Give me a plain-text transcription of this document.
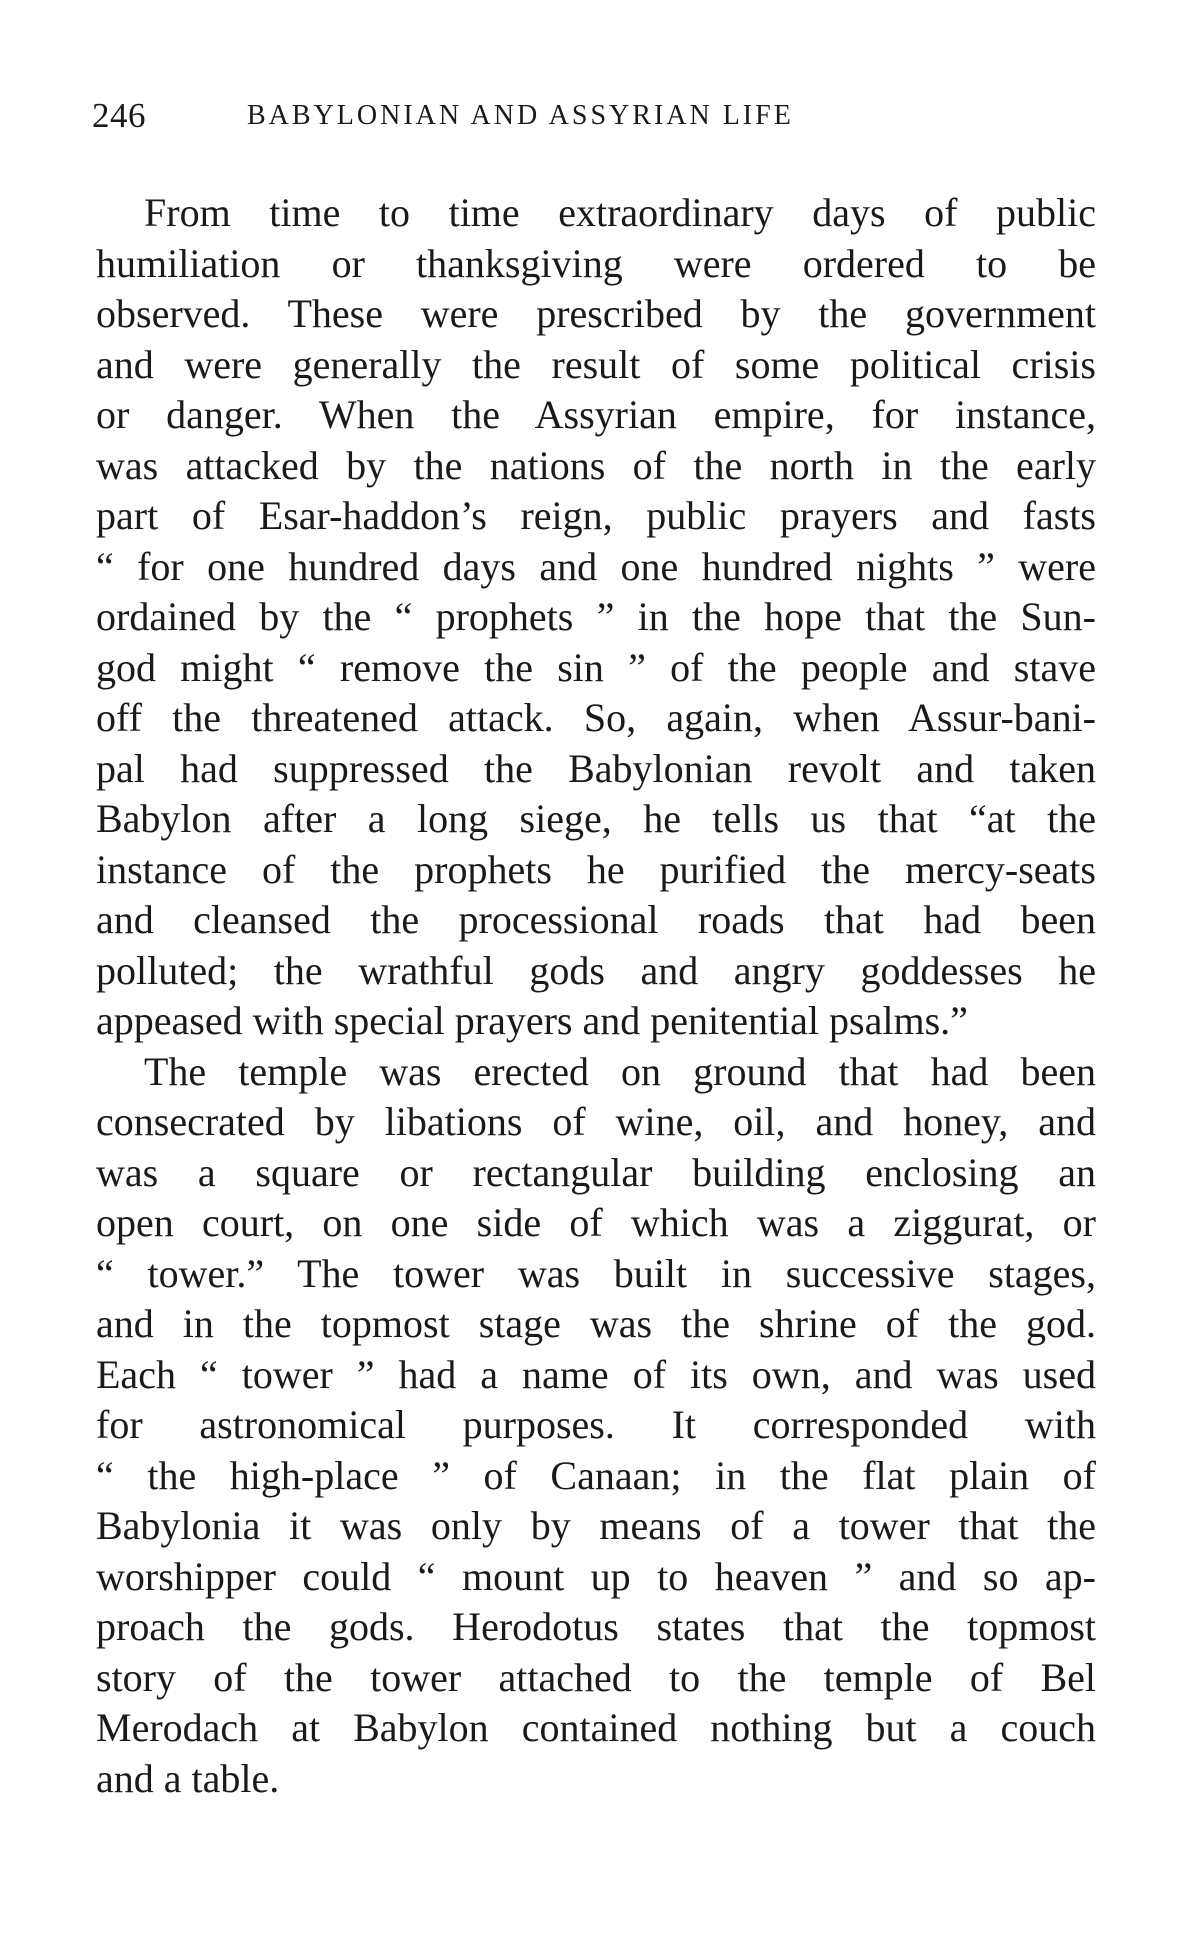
246	BABYLONIAN AND ASSYRIAN LIFE
From time to time extraordinary days of public
humiliation or thanksgiving were ordered to be
observed. These were prescribed by the government
and were generally the result of some political crisis
or danger. When the Assyrian empire, for instance,
was attacked by the nations of the north in the early
part of Esar-haddon’s reign, public prayers and fasts
“ for one hundred days and one hundred nights ” were
ordained by the “ prophets ” in the hope that the Sun-
god might “ remove the sin ” of the people and stave
off the threatened attack. So, again, when Assur-bani-
pal had suppressed the Babylonian revolt and taken
Babylon after a long siege, he tells us that “at the
instance of the prophets he purified the mercy-seats
and cleansed the processional roads that had been
polluted; the wrathful gods and angry goddesses he
appeased with special prayers and penitential psalms.”
The temple was erected on ground that had been
consecrated by libations of wine, oil, and honey, and
was a square or rectangular building enclosing an
open court, on one side of which was a ziggurat, or
“ tower.” The tower was built in successive stages,
and in the topmost stage was the shrine of the god.
Each “ tower ” had a name of its own, and was used
for astronomical purposes. It corresponded with
“ the high-place ” of Canaan; in the flat plain of
Babylonia it was only by means of a tower that the
worshipper could “ mount up to heaven ” and so ap-
proach the gods. Herodotus states that the topmost
story of the tower attached to the temple of Bel
Merodach at Babylon contained nothing but a couch
and a table.
